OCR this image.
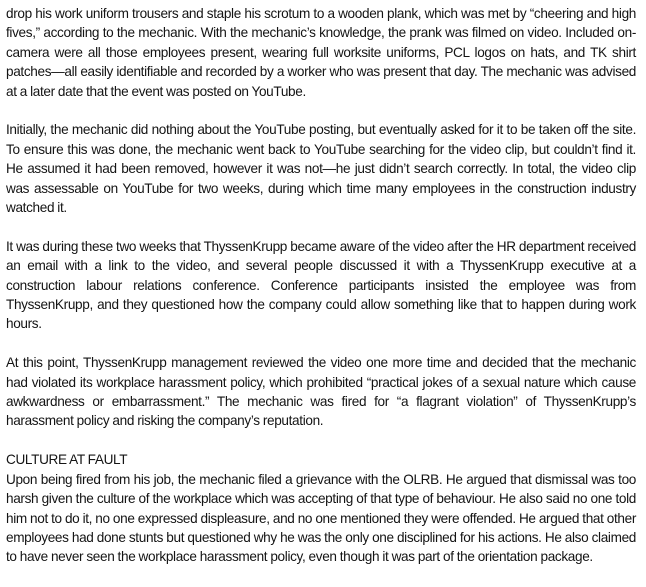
drop his work uniform trousers and staple his scrotum to a wooden plank, which was met by “cheering and high fives,” according to the mechanic. With the mechanic’s knowledge, the prank was filmed on video. Included on-camera were all those employees present, wearing full worksite uniforms, PCL logos on hats, and TK shirt patches—all easily identifiable and recorded by a worker who was present that day. The mechanic was advised at a later date that the event was posted on YouTube.

Initially, the mechanic did nothing about the YouTube posting, but eventually asked for it to be taken off the site. To ensure this was done, the mechanic went back to YouTube searching for the video clip, but couldn’t find it. He assumed it had been removed, however it was not—he just didn’t search correctly. In total, the video clip was assessable on YouTube for two weeks, during which time many employees in the construction industry watched it.

It was during these two weeks that ThyssenKrupp became aware of the video after the HR department received an email with a link to the video, and several people discussed it with a ThyssenKrupp executive at a construction labour relations conference. Conference participants insisted the employee was from ThyssenKrupp, and they questioned how the company could allow something like that to happen during work hours.

At this point, ThyssenKrupp management reviewed the video one more time and decided that the mechanic had violated its workplace harassment policy, which prohibited “practical jokes of a sexual nature which cause awkwardness or embarrassment.” The mechanic was fired for “a flagrant violation” of ThyssenKrupp’s harassment policy and risking the company’s reputation.

CULTURE AT FAULT

Upon being fired from his job, the mechanic filed a grievance with the OLRB. He argued that dismissal was too harsh given the culture of the workplace which was accepting of that type of behaviour. He also said no one told him not to do it, no one expressed displeasure, and no one mentioned they were offended. He argued that other employees had done stunts but questioned why he was the only one disciplined for his actions. He also claimed to have never seen the workplace harassment policy, even though it was part of the orientation package.
